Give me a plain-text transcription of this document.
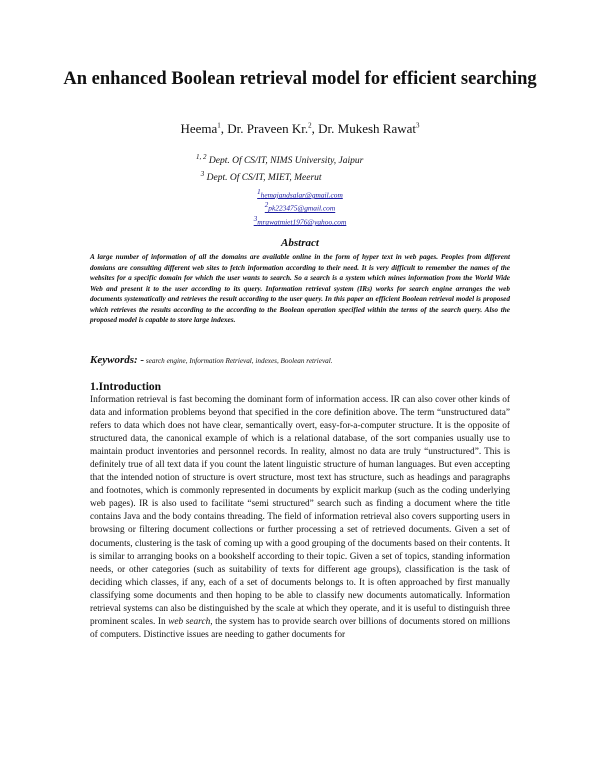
An enhanced Boolean retrieval model for efficient searching
Heema$^1$, Dr. Praveen Kr.$^2$, Dr. Mukesh Rawat$^3$
$^{1, 2}$ Dept. Of CS/IT, NIMS University, Jaipur
$^3$ Dept. Of CS/IT, MIET, Meerut
$^1$hemajandsalar@gmail.com
$^2$pk223475@gmail.com
$^3$mrawatmiet1976@yahoo.com
Abstract

A large number of information of all the domains are available online in the form of hyper text in web pages. Peoples from different domians are consulting different web sites to fetch information according to their need. It is very difficult to remember the names of the websites for a specific domain for which the user wants to search. So a search is a system which mines information from the World Wide Web and present it to the user according to its query. Information retrieval system (IRs) works for search engine arranges the web documents systematically and retrieves the result according to the user query. In this paper an efficient Boolean retrieval model is proposed which retrieves the results according to the according to the Boolean operation specified within the terms of the search query. Also the proposed model is capable to store large indexes.

Keywords: - search engine, Information Retrieval, indexes, Boolean retrieval.
1.Introduction

Information retrieval is fast becoming the dominant form of information access. IR can also cover other kinds of data and information problems beyond that specified in the core definition above. The term “unstructured data” refers to data which does not have clear, semantically overt, easy-for-a-computer structure. It is the opposite of structured data, the canonical example of which is a relational database, of the sort companies usually use to maintain product inventories and personnel records. In reality, almost no data are truly “unstructured”. This is definitely true of all text data if you count the latent linguistic structure of human languages. But even accepting that the intended notion of structure is overt structure, most text has structure, such as headings and paragraphs and footnotes, which is commonly represented in documents by explicit markup (such as the coding underlying web pages). IR is also used to facilitate “semi structured” search such as finding a document where the title contains Java and the body contains threading. The field of information retrieval also covers supporting users in browsing or filtering document collections or further processing a set of retrieved documents. Given a set of documents, clustering is the task of coming up with a good grouping of the documents based on their contents. It is similar to arranging books on a bookshelf according to their topic. Given a set of topics, standing information needs, or other categories (such as suitability of texts for different age groups), classification is the task of deciding which classes, if any, each of a set of documents belongs to. It is often approached by first manually classifying some documents and then hoping to be able to classify new documents automatically. Information retrieval systems can also be distinguished by the scale at which they operate, and it is useful to distinguish three prominent scales. In web search, the system has to provide search over billions of documents stored on millions of computers. Distinctive issues are needing to gather documents for
